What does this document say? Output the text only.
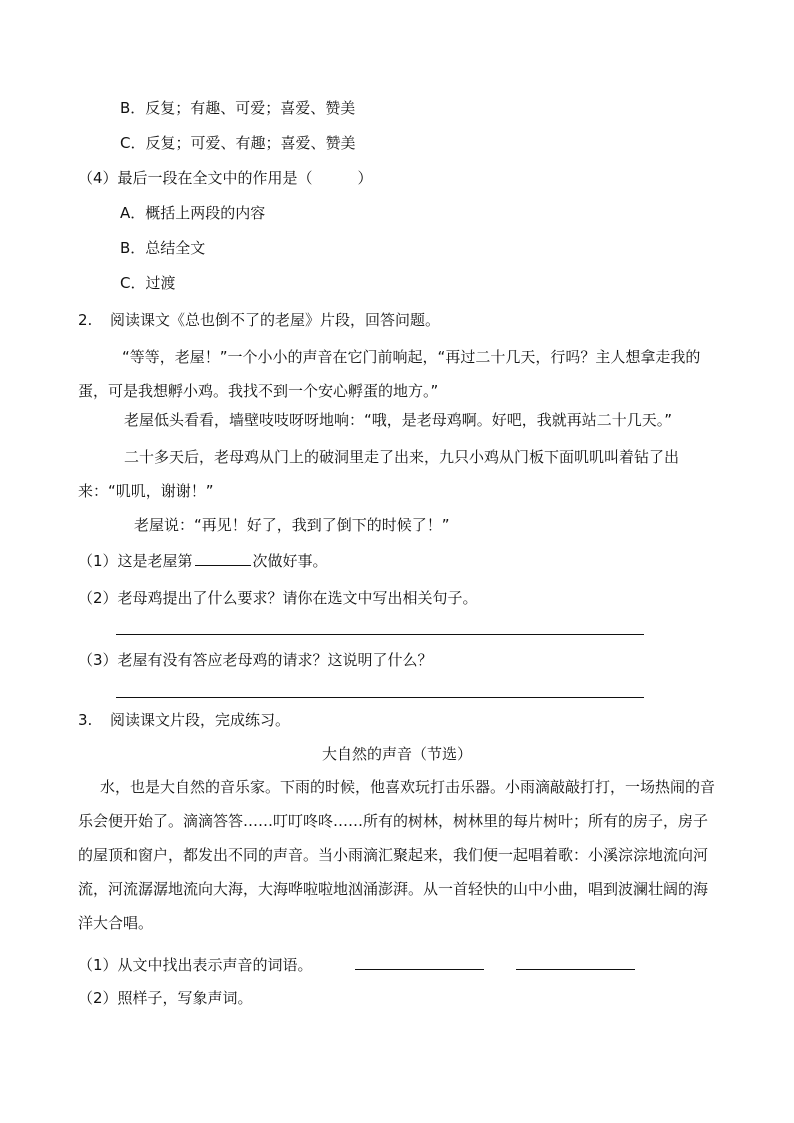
B．反复；有趣、可爱；喜爱、赞美
C．反复；可爱、有趣；喜爱、赞美
（4）最后一段在全文中的作用是（　　　）
A．概括上两段的内容
B．总结全文
C．过渡
2. 阅读课文《总也倒不了的老屋》片段，回答问题。
“等等，老屋！”一个小小的声音在它门前响起，“再过二十几天，行吗？主人想拿走我的蛋，可是我想孵小鸡。我找不到一个安心孵蛋的地方。”
老屋低头看看，墙壁吱吱呀呀地响：“哦，是老母鸡啊。好吧，我就再站二十几天。”
二十多天后，老母鸡从门上的破洞里走了出来，九只小鸡从门板下面叽叽叫着钻了出来：“叽叽，谢谢！”
老屋说：“再见！好了，我到了倒下的时候了！”
（1）这是老屋第	次做好事。
（2）老母鸡提出了什么要求？请你在选文中写出相关句子。
（3）老屋有没有答应老母鸡的请求？这说明了什么？
3. 阅读课文片段，完成练习。
大自然的声音（节选）
水，也是大自然的音乐家。下雨的时候，他喜欢玩打击乐器。小雨滴敲敲打打，一场热闹的音乐会便开始了。滴滴答答……叮叮咚咚……所有的树林，树林里的每片树叶；所有的房子，房子的屋顶和窗户，都发出不同的声音。当小雨滴汇聚起来，我们便一起唱着歌：小溪淙淙地流向河流，河流潺潺地流向大海，大海哗啦啦地汹涌澎湃。从一首轻快的山中小曲，唱到波澜壮阔的海洋大合唱。
（1）从文中找出表示声音的词语。
（2）照样子，写象声词。
